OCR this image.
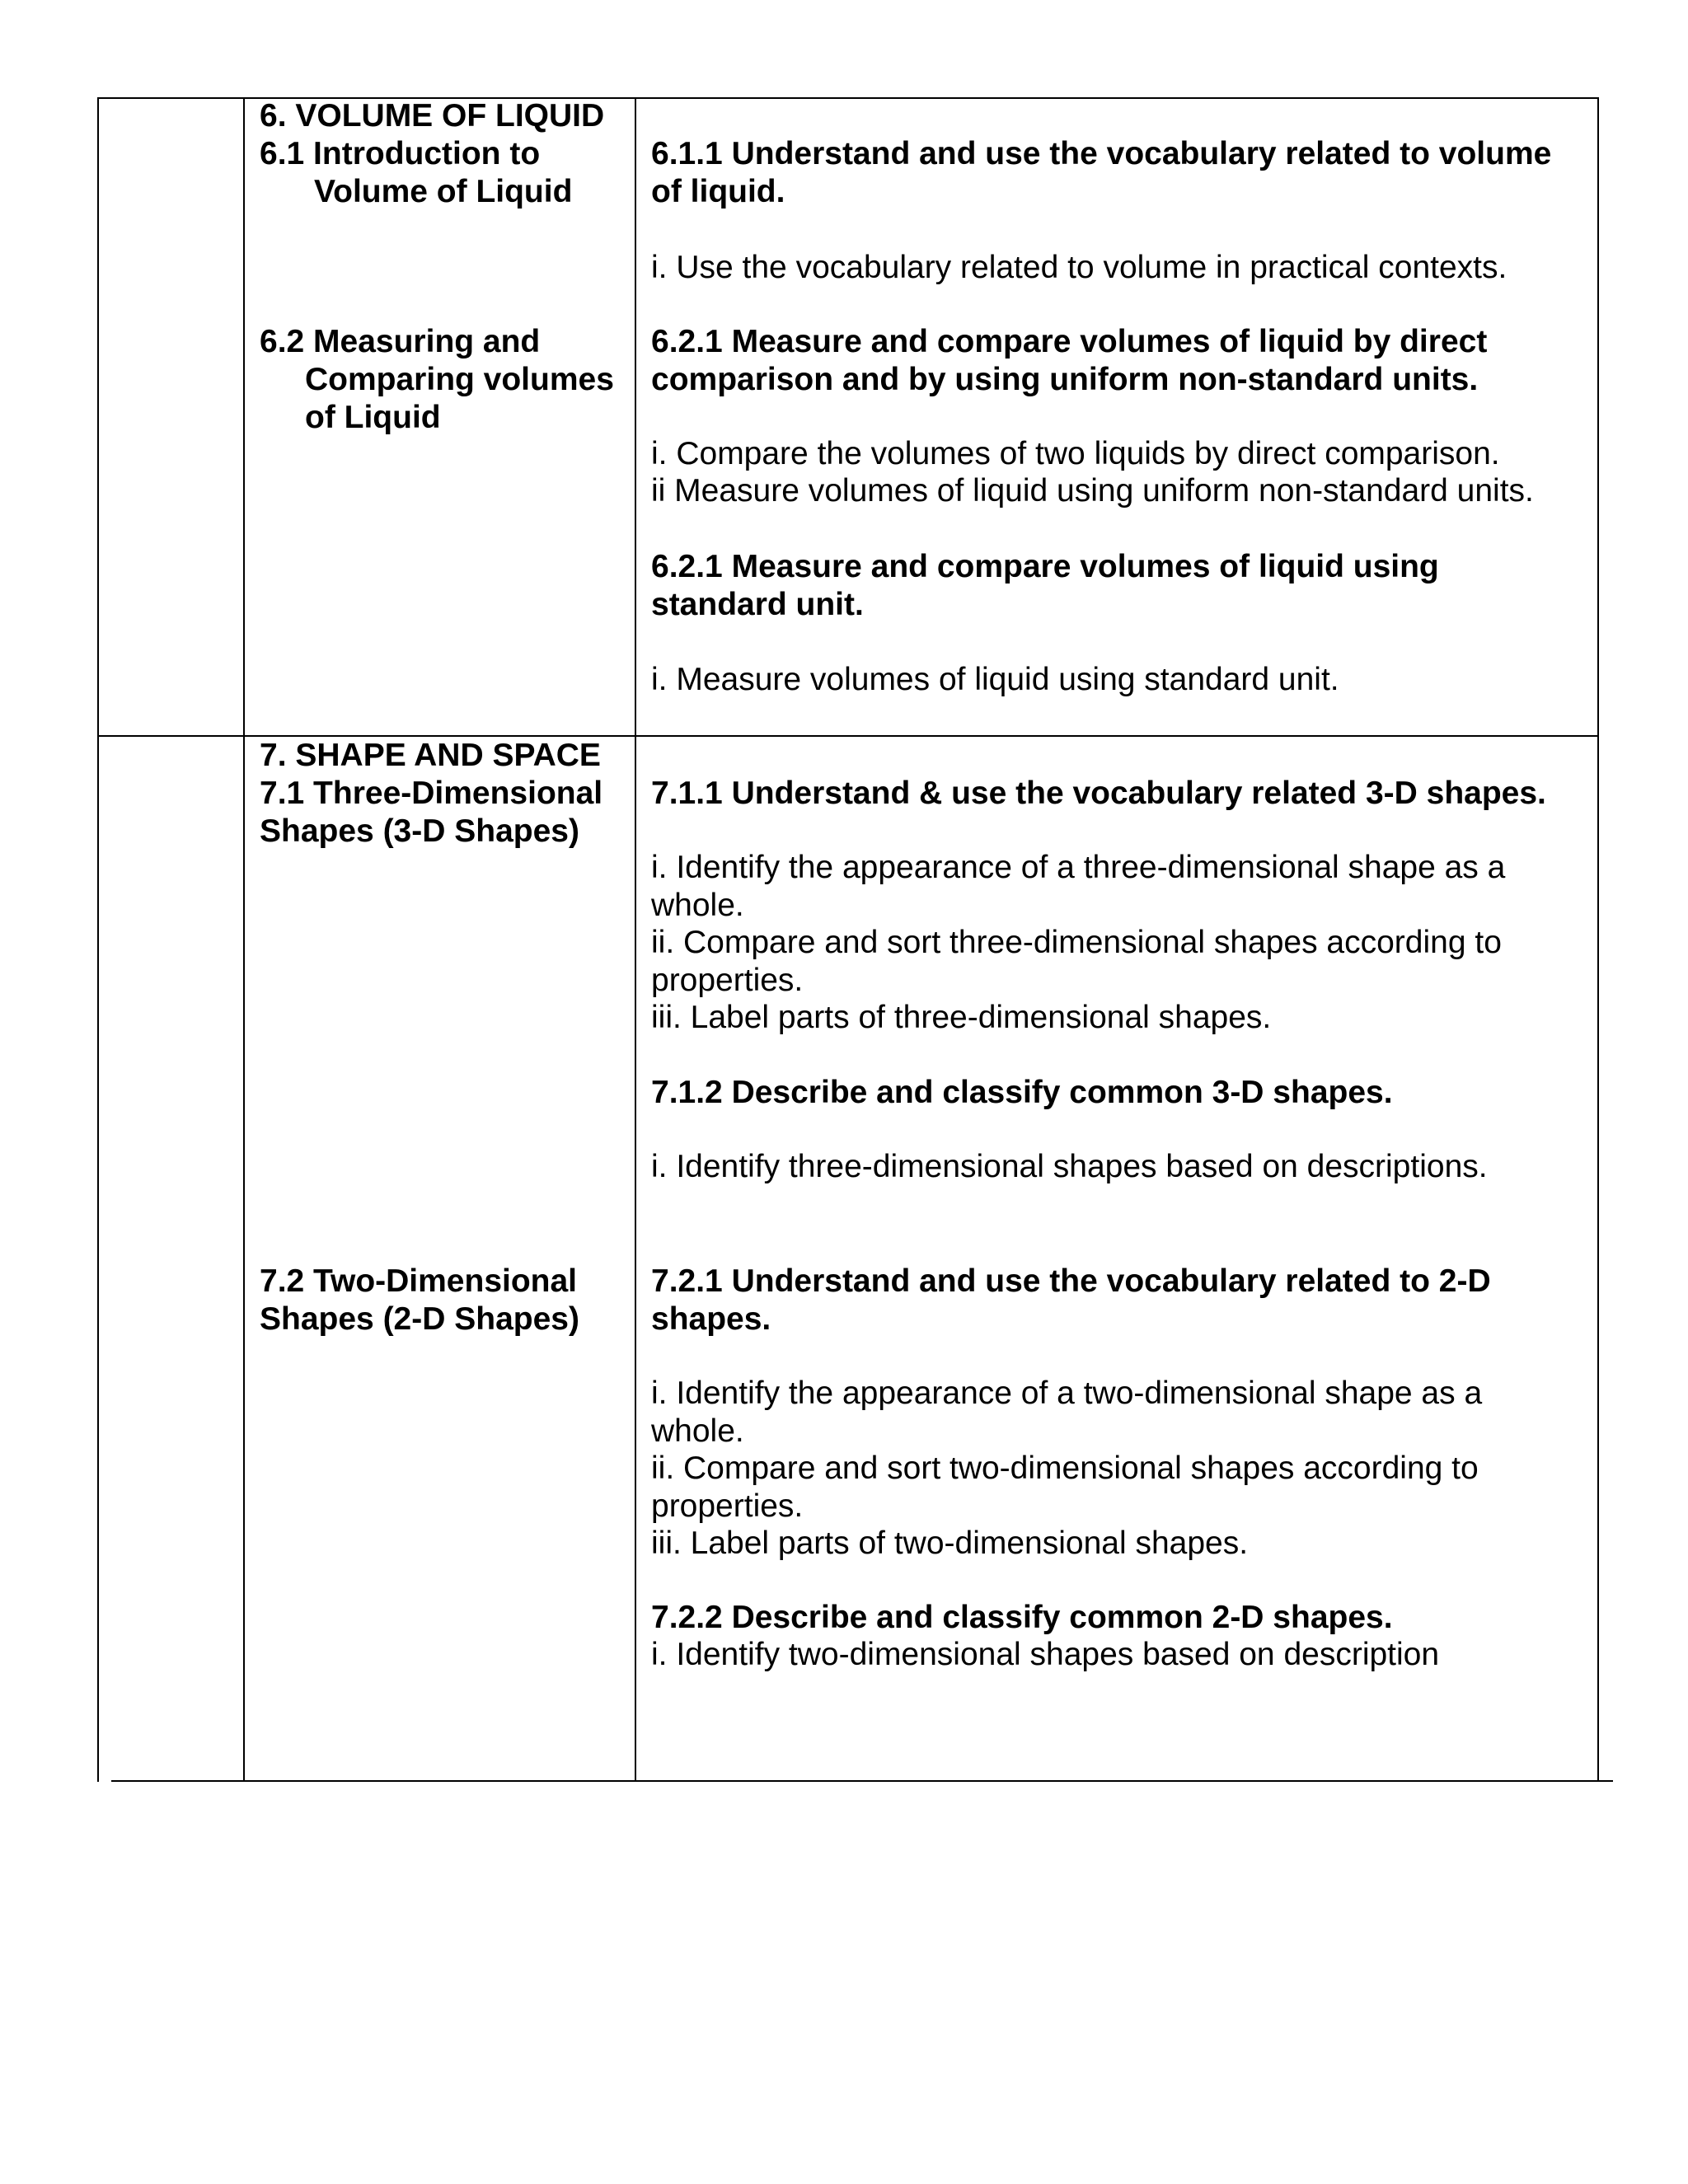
6. VOLUME OF LIQUID
6.1 Introduction to
Volume of Liquid
6.2 Measuring and
Comparing volumes
of Liquid
6.1.1 Understand and use the vocabulary related to volume
of liquid.
i. Use the vocabulary related to volume in practical contexts.
6.2.1 Measure and compare volumes of liquid by direct
comparison and by using uniform non-standard units.
i. Compare the volumes of two liquids by direct comparison.
ii Measure volumes of liquid using uniform non-standard units.
6.2.1 Measure and compare volumes of liquid using
standard unit.
i. Measure volumes of liquid using standard unit.
7. SHAPE AND SPACE
7.1 Three-Dimensional
Shapes (3-D Shapes)
7.2 Two-Dimensional
Shapes (2-D Shapes)
7.1.1 Understand & use the vocabulary related 3-D shapes.
i. Identify the appearance of a three-dimensional shape as a
whole.
ii. Compare and sort three-dimensional shapes according to
properties.
iii. Label parts of three-dimensional shapes.
7.1.2 Describe and classify common 3-D shapes.
i. Identify three-dimensional shapes based on descriptions.
7.2.1 Understand and use the vocabulary related to 2-D
shapes.
i. Identify the appearance of a two-dimensional shape as a
whole.
ii. Compare and sort two-dimensional shapes according to
properties.
iii. Label parts of two-dimensional shapes.
7.2.2 Describe and classify common 2-D shapes.
i. Identify two-dimensional shapes based on description
